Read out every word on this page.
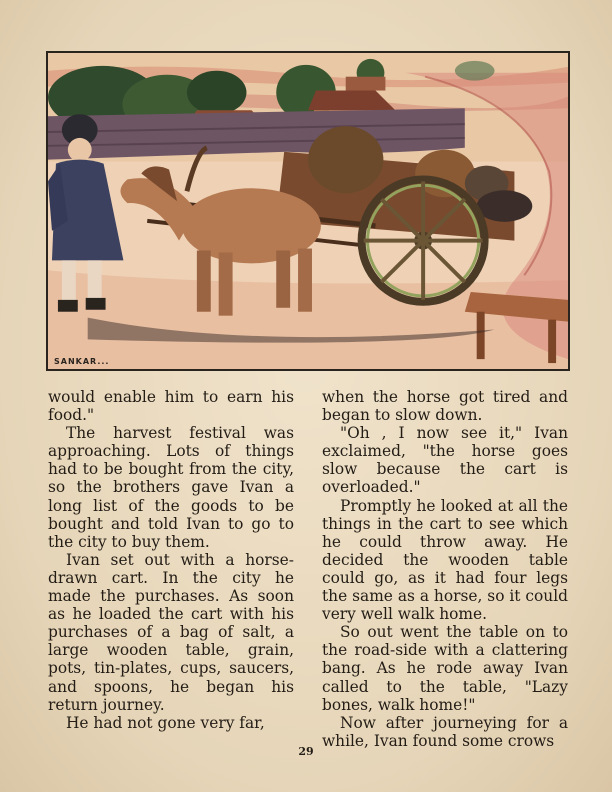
SANKAR...

would enable him to earn his food."

The harvest festival was approaching. Lots of things had to be bought from the city, so the brothers gave Ivan a long list of the goods to be bought and told Ivan to go to the city to buy them.

Ivan set out with a horse-drawn cart. In the city he made the purchases. As soon as he loaded the cart with his purchases of a bag of salt, a large wooden table, grain, pots, tin-plates, cups, saucers, and spoons, he began his return journey.

He had not gone very far,

when the horse got tired and began to slow down.

"Oh , I now see it," Ivan exclaimed, "the horse goes slow because the cart is overloaded."

Promptly he looked at all the things in the cart to see which he could throw away. He decided the wooden table could go, as it had four legs the same as a horse, so it could very well walk home.

So out went the table on to the road-side with a clattering bang. As he rode away Ivan called to the table, "Lazy bones, walk home!"

Now after journeying for a while, Ivan found some crows

29
